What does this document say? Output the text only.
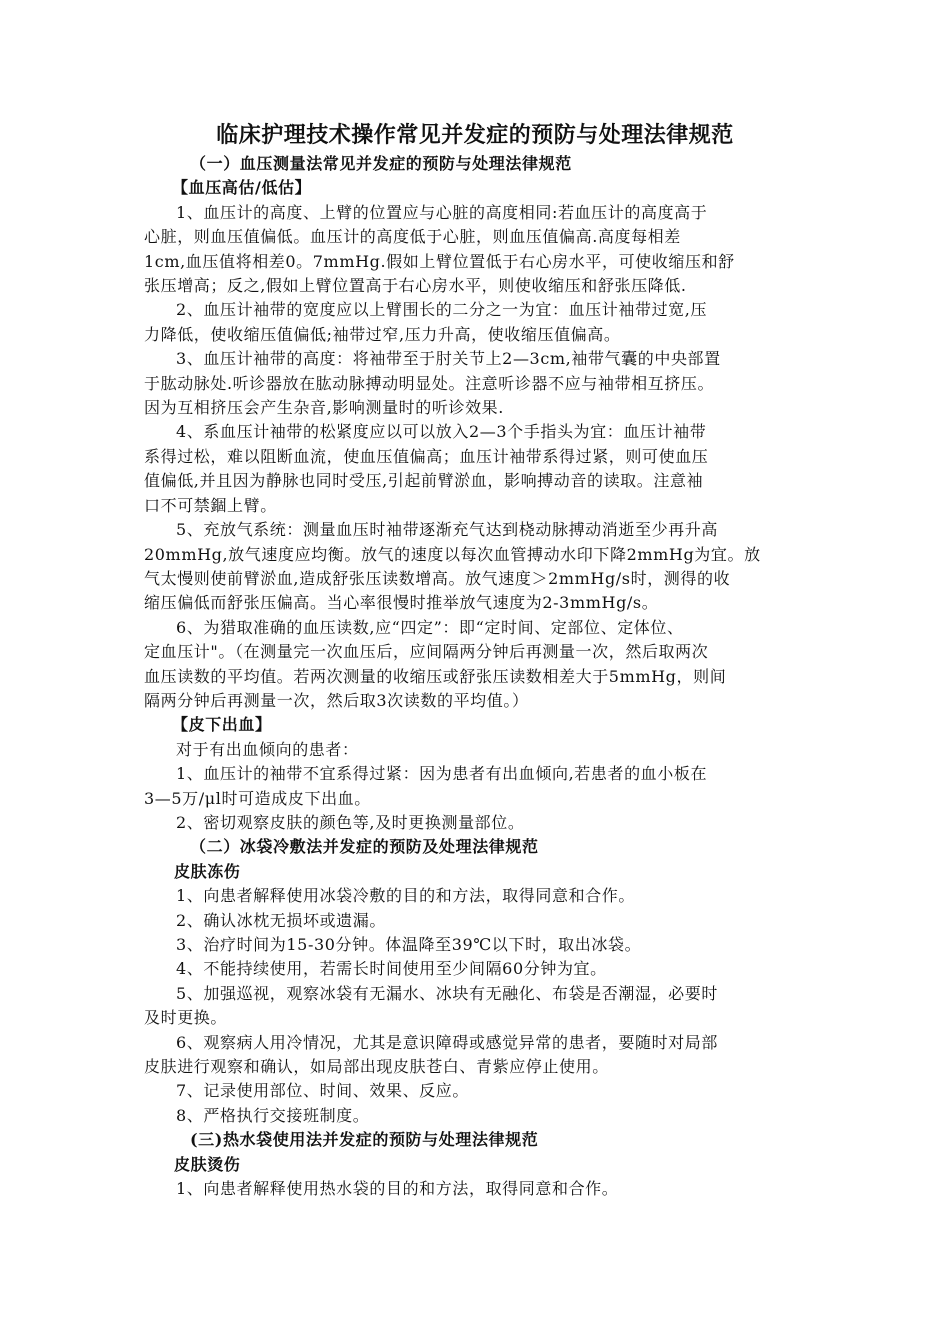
临床护理技术操作常见并发症的预防与处理法律规范
（一）血压测量法常见并发症的预防与处理法律规范
【血压高估/低估】
1、血压计的高度、上臂的位置应与心脏的高度相同:若血压计的高度高于
心脏，则血压值偏低。血压计的高度低于心脏，则血压值偏高.高度每相差
1cm,血压值将相差0。7mmHg.假如上臂位置低于右心房水平，可使收缩压和舒
张压增高；反之,假如上臂位置高于右心房水平，则使收缩压和舒张压降低.
2、血压计袖带的宽度应以上臂围长的二分之一为宜：血压计袖带过宽,压
力降低，使收缩压值偏低;袖带过窄,压力升高，使收缩压值偏高。
3、血压计袖带的高度：将袖带至于肘关节上2—3cm,袖带气囊的中央部置
于肱动脉处.听诊器放在肱动脉搏动明显处。注意听诊器不应与袖带相互挤压。
因为互相挤压会产生杂音,影响测量时的听诊效果.
4、系血压计袖带的松紧度应以可以放入2—3个手指头为宜：血压计袖带
系得过松，难以阻断血流，使血压值偏高；血压计袖带系得过紧，则可使血压
值偏低,并且因为静脉也同时受压,引起前臂淤血，影响搏动音的读取。注意袖
口不可禁錮上臂。
5、充放气系统：测量血压时袖带逐渐充气达到桡动脉搏动消逝至少再升高
20mmHg,放气速度应均衡。放气的速度以每次血管搏动水印下降2mmHg为宜。放
气太慢则使前臂淤血,造成舒张压读数增高。放气速度＞2mmHg/s时，测得的收
缩压偏低而舒张压偏高。当心率很慢时推举放气速度为2-3mmHg/s。
6、为猎取准确的血压读数,应“四定”：即“定时间、定部位、定体位、
定血压计"。（在测量完一次血压后，应间隔两分钟后再测量一次，然后取两次
血压读数的平均值。若两次测量的收缩压或舒张压读数相差大于5mmHg，则间
隔两分钟后再测量一次，然后取3次读数的平均值。）
【皮下出血】
对于有出血倾向的患者：
1、血压计的袖带不宜系得过紧：因为患者有出血倾向,若患者的血小板在
3—5万/μl时可造成皮下出血。
2、密切观察皮肤的颜色等,及时更换测量部位。
（二）冰袋冷敷法并发症的预防及处理法律规范
皮肤冻伤
1、向患者解释使用冰袋冷敷的目的和方法，取得同意和合作。
2、确认冰枕无损坏或遗漏。
3、治疗时间为15-30分钟。体温降至39℃以下时，取出冰袋。
4、不能持续使用，若需长时间使用至少间隔60分钟为宜。
5、加强巡视，观察冰袋有无漏水、冰块有无融化、布袋是否潮湿，必要时
及时更换。
6、观察病人用冷情况，尤其是意识障碍或感觉异常的患者，要随时对局部
皮肤进行观察和确认，如局部出现皮肤苍白、青紫应停止使用。
7、记录使用部位、时间、效果、反应。
8、严格执行交接班制度。
(三)热水袋使用法并发症的预防与处理法律规范
皮肤烫伤
1、向患者解释使用热水袋的目的和方法，取得同意和合作。
